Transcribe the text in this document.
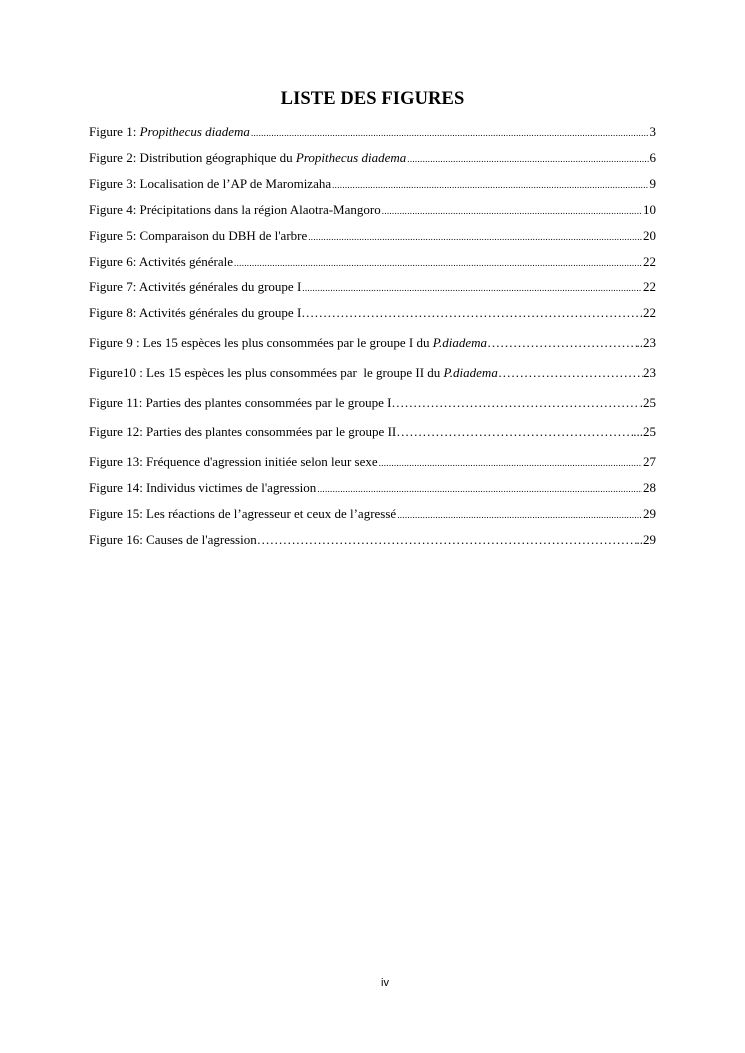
LISTE DES FIGURES
Figure 1: Propithecus diadema .....	3
Figure 2: Distribution géographique du Propithecus diadema .....	6
Figure 3: Localisation de l’AP de Maromizaha .....	9
Figure 4: Précipitations dans la région Alaotra-Mangoro .....	10
Figure 5: Comparaison du DBH de l'arbre .....	20
Figure 6: Activités générale .....	22
Figure 7: Activités générales du groupe I .....	22
Figure 8: Activités générales du groupe I ……………………………………………………………………………………………………………………………………	.22
Figure 9 : Les 15 espèces les plus consommées par le groupe I du P.diadema ……………………………………………………………………………………………………………………………………	..23
Figure10 : Les 15 espèces les plus consommées par  le groupe II du P.diadema ……………………………………………………………………………………………………………………………………	23
Figure 11: Parties des plantes consommées par le groupe I ……………………………………………………………………………………………………………………………………	.25
Figure 12: Parties des plantes consommées par le groupe II ……………………………………………………………………………………………………………………………………	...25
Figure 13: Fréquence d'agression initiée selon leur sexe .....	27
Figure 14: Individus victimes de l'agression .....	28
Figure 15: Les réactions de l’agresseur et ceux de l’agressé .....	29
Figure 16: Causes de l'agression ……………………………………………………………………………………………………………………………………	..29
iv
